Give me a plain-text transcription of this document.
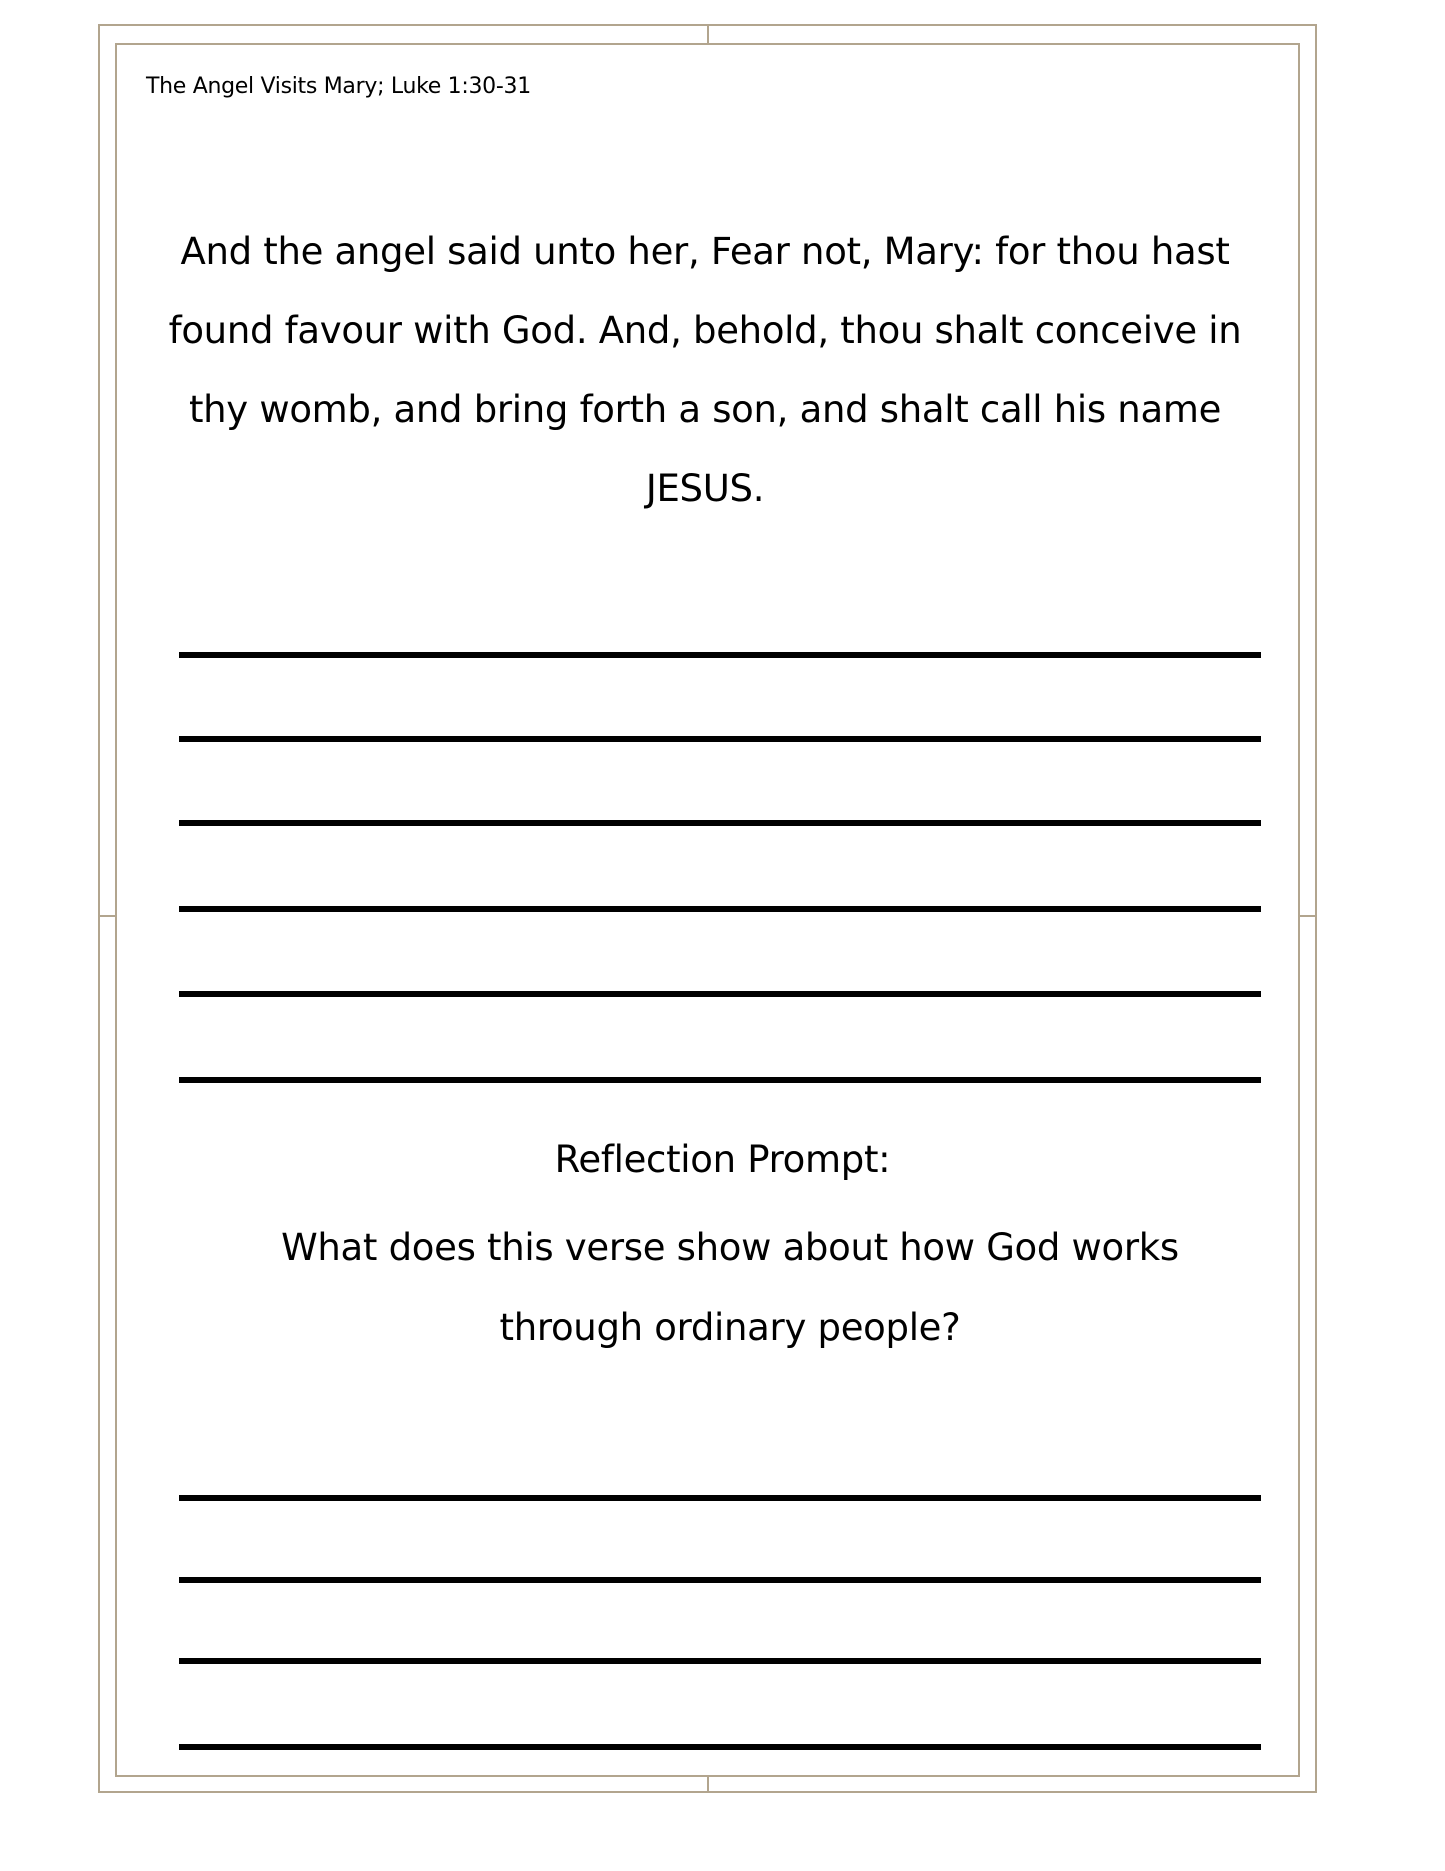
The Angel Visits Mary; Luke 1:30-31
And the angel said unto her, Fear not, Mary: for thou hast found favour with God. And, behold, thou shalt conceive in thy womb, and bring forth a son, and shalt call his name JESUS.
Reflection Prompt:
What does this verse show about how God works through ordinary people?
